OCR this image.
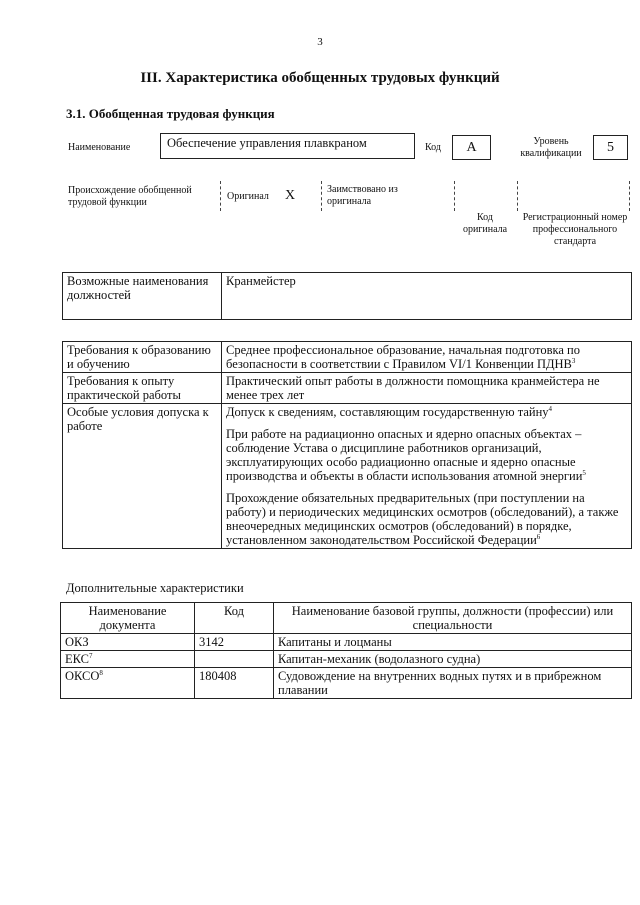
3
III. Характеристика обобщенных трудовых функций
3.1. Обобщенная трудовая функция
Наименование	Обеспечение управления плавкраном	Код	A	Уровень квалификации	5
Происхождение обобщенной трудовой функции
Оригинал X	Заимствовано из оригинала
Код оригинала
Регистрационный номер профессионального стандарта
Возможные наименования должностей	Кранмейстер
Требования к образованию и обучению	Среднее профессиональное образование, начальная подготовка по безопасности в соответствии с Правилом VI/1 Конвенции ПДНВ$^3$
Требования к опыту практической работы	Практический опыт работы в должности помощника кранмейстера не менее трех лет
Особые условия допуска к работе	Допуск к сведениям, составляющим государственную тайну$^4$
При работе на радиационно опасных и ядерно опасных объектах – соблюдение Устава о дисциплине работников организаций, эксплуатирующих особо радиационно опасные и ядерно опасные производства и объекты в области использования атомной энергии$^5$
Прохождение обязательных предварительных (при поступлении на работу) и периодических медицинских осмотров (обследований), а также внеочередных медицинских осмотров (обследований) в порядке, установленном законодательством Российской Федерации$^6$
Дополнительные характеристики
Наименование документа	Код	Наименование базовой группы, должности (профессии) или специальности
ОКЗ	3142	Капитаны и лоцманы
ЕКС$^7$		Капитан-механик (водолазного судна)
ОКСО$^8$	180408	Судовождение на внутренних водных путях и в прибрежном плавании
